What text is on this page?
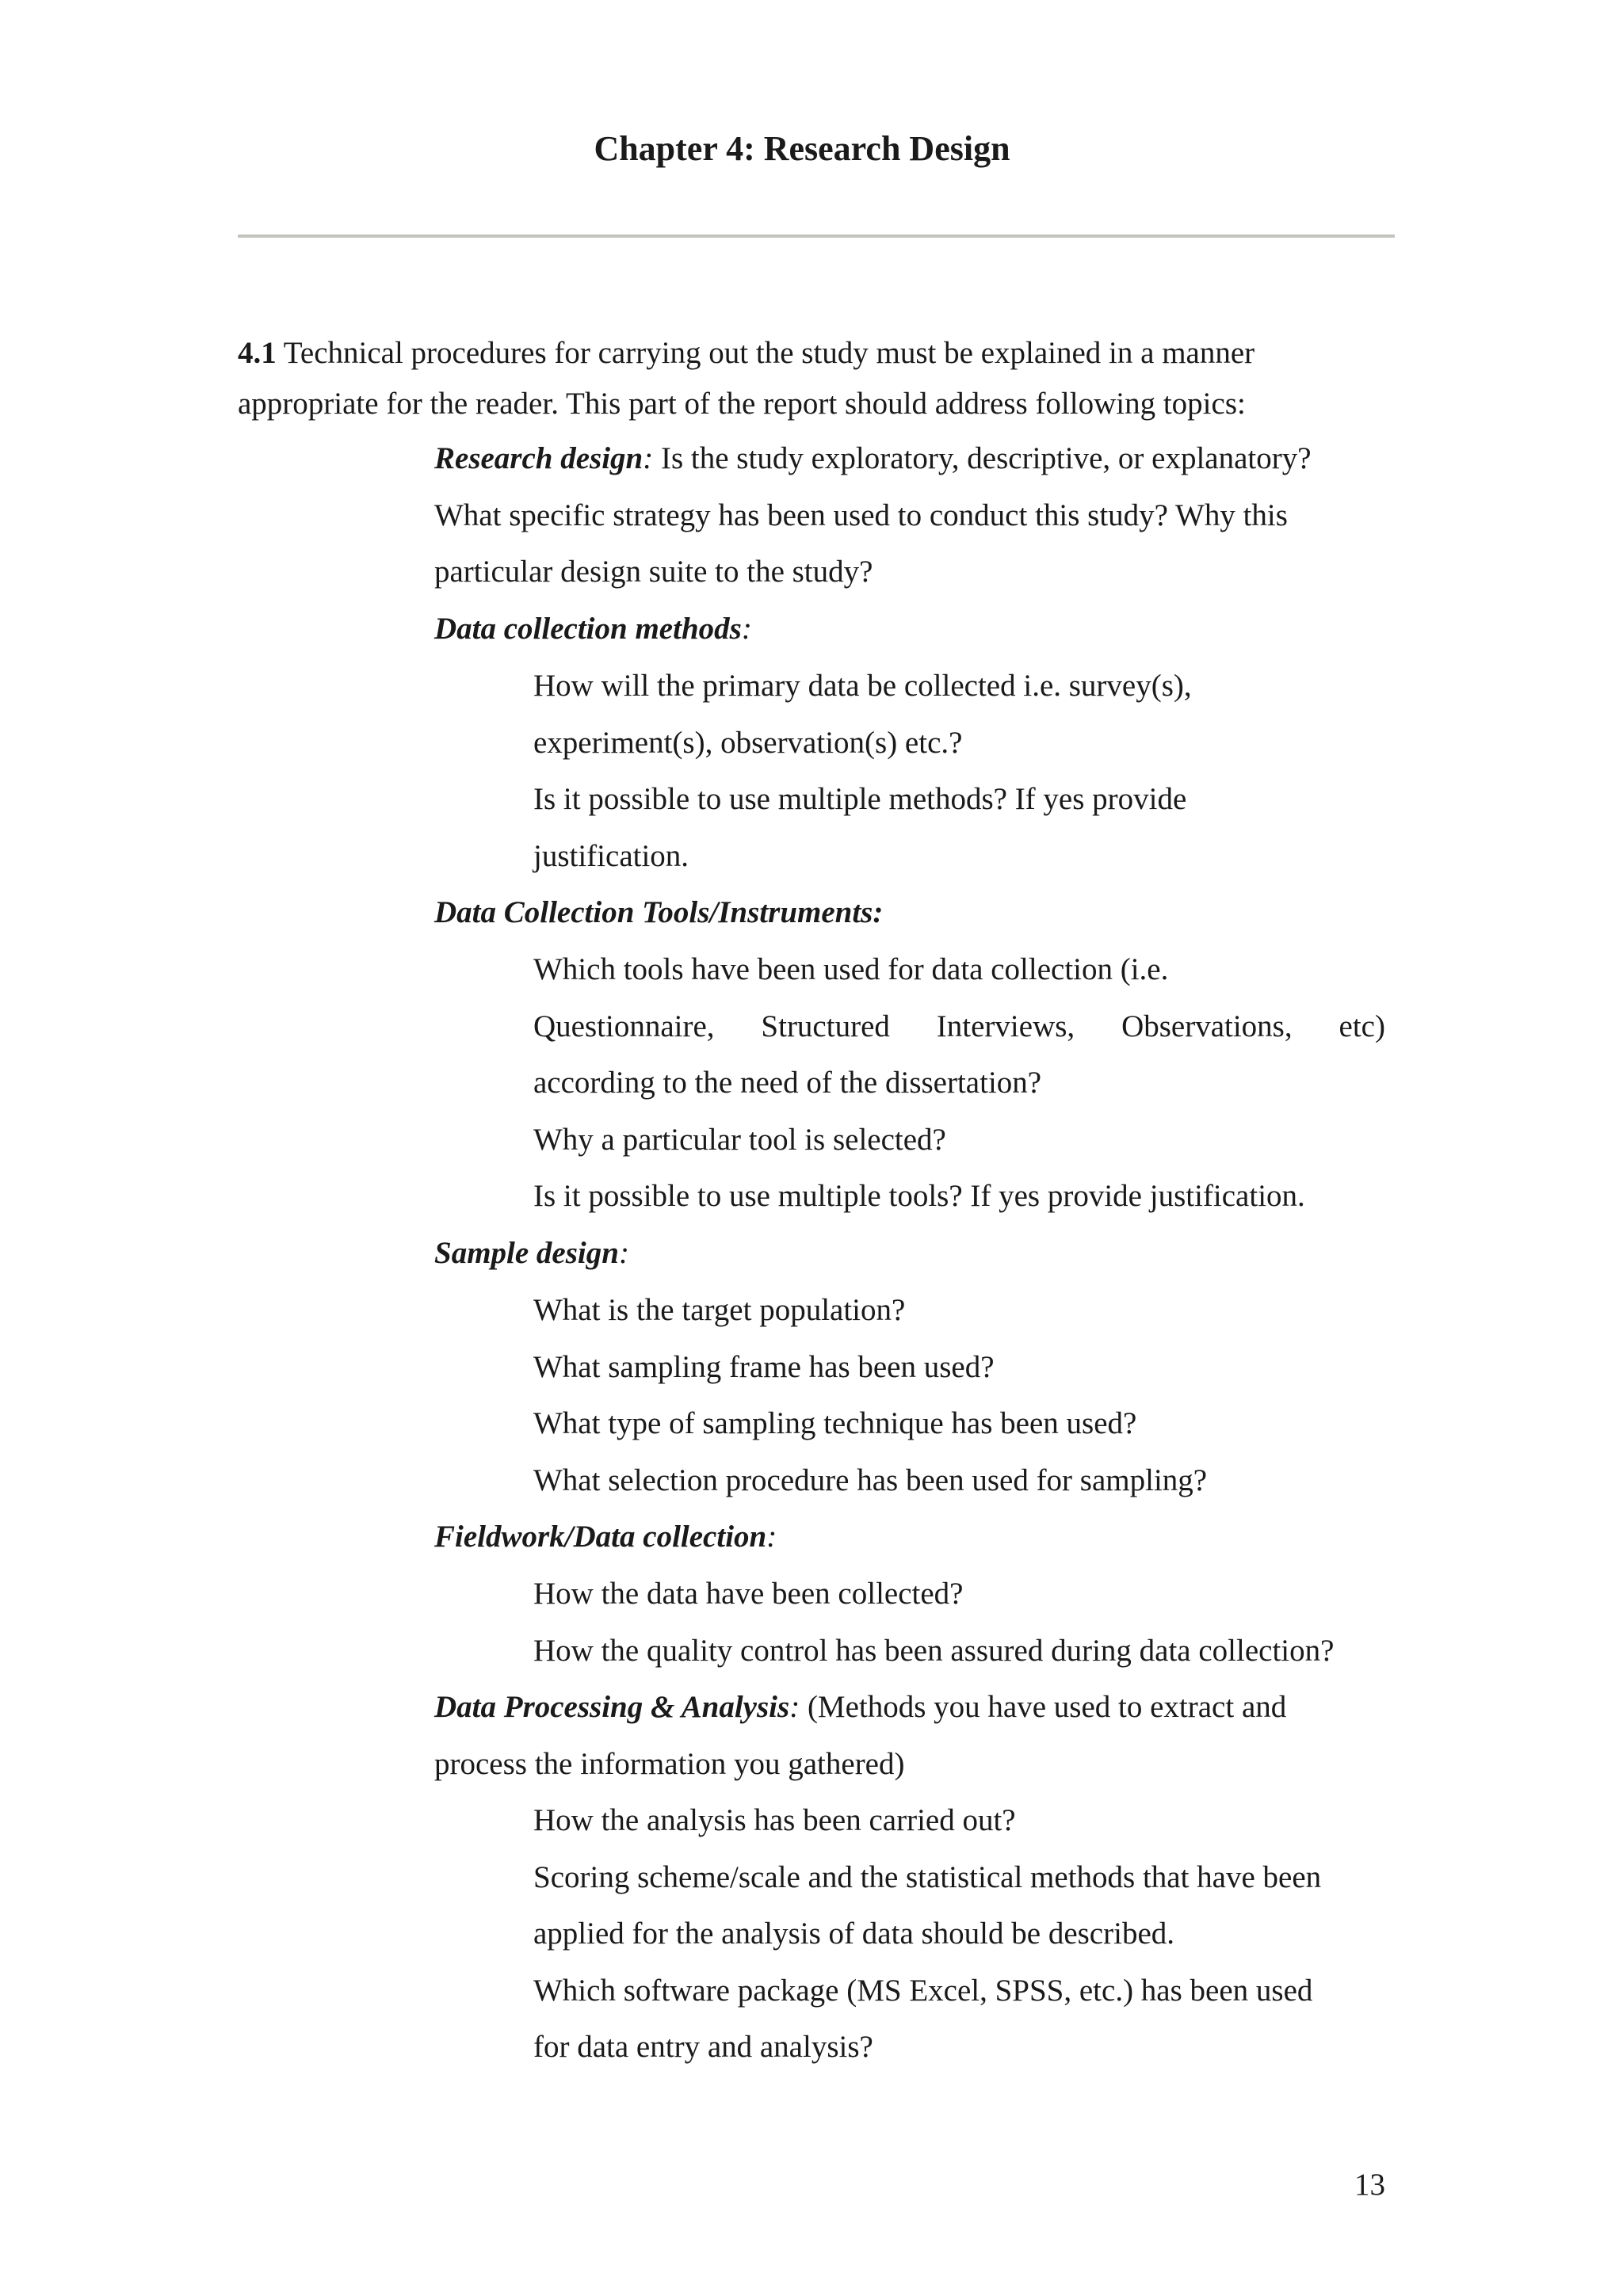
Chapter 4: Research Design

4.1 Technical procedures for carrying out the study must be explained in a manner appropriate for the reader. This part of the report should address following topics:

Research design: Is the study exploratory, descriptive, or explanatory?
What specific strategy has been used to conduct this study? Why this
particular design suite to the study?
Data collection methods:
How will the primary data be collected i.e. survey(s),
experiment(s), observation(s) etc.?
Is it possible to use multiple methods? If yes provide
justification.
Data Collection Tools/Instruments:
Which tools have been used for data collection (i.e.
Questionnaire, Structured Interviews, Observations, etc)
according to the need of the dissertation?
Why a particular tool is selected?
Is it possible to use multiple tools? If yes provide justification.
Sample design:
What is the target population?
What sampling frame has been used?
What type of sampling technique has been used?
What selection procedure has been used for sampling?
Fieldwork/Data collection:
How the data have been collected?
How the quality control has been assured during data collection?
Data Processing & Analysis: (Methods you have used to extract and
process the information you gathered)
How the analysis has been carried out?
Scoring scheme/scale and the statistical methods that have been
applied for the analysis of data should be described.
Which software package (MS Excel, SPSS, etc.) has been used
for data entry and analysis?
13
